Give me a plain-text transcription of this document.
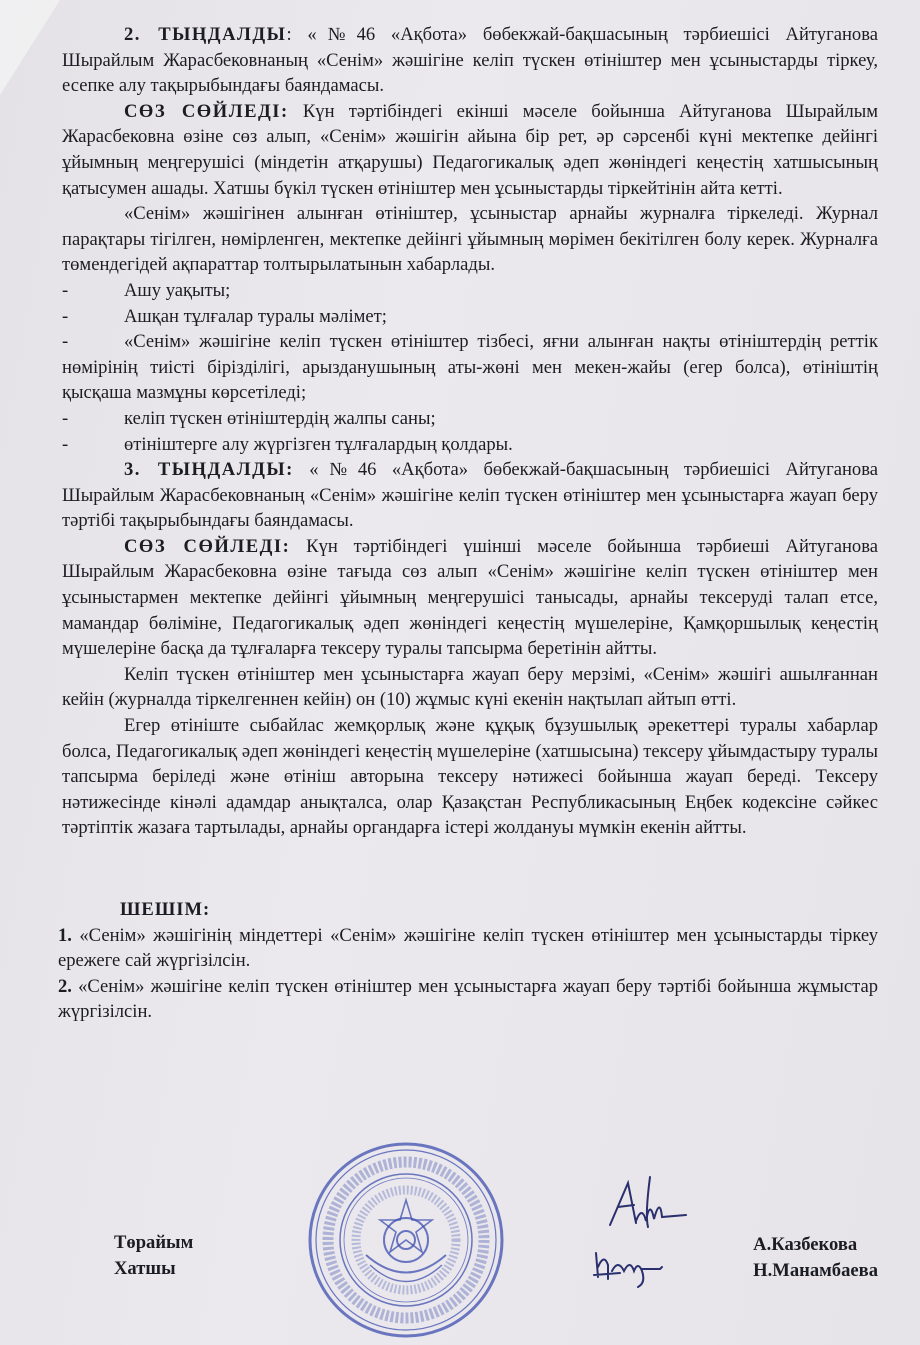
2. ТЫҢДАЛДЫ: «№46 «Ақбота» бөбекжай-бақшасының тәрбиешісі Айтуганова Шырайлым Жарасбековнаның «Сенім» жәшігіне келіп түскен өтініштер мен ұсыныстарды тіркеу, есепке алу тақырыбындағы баяндамасы.

СӨЗ СӨЙЛЕДІ: Күн тәртібіндегі екінші мәселе бойынша Айтуганова Шырайлым Жарасбековна өзіне сөз алып, «Сенім» жәшігін айына бір рет, әр сәрсенбі күні мектепке дейінгі ұйымның меңгерушісі (міндетін атқарушы) Педагогикалық әдеп жөніндегі кеңестің хатшысының қатысумен ашады. Хатшы бүкіл түскен өтініштер мен ұсыныстарды тіркейтінін айта кетті.

«Сенім» жәшігінен алынған өтініштер, ұсыныстар арнайы журналға тіркеледі. Журнал парақтары тігілген, нөмірленген, мектепке дейінгі ұйымның мөрімен бекітілген болу керек. Журналға төмендегідей ақпараттар толтырылатынын хабарлады.

-	Ашу уақыты;

-	Ашқан тұлғалар туралы мәлімет;

-	«Сенім» жәшігіне келіп түскен өтініштер тізбесі, яғни алынған нақты өтініштердің реттік нөмірінің тиісті бірізділігі, арызданушының аты-жөні мен мекен-жайы (егер болса), өтініштің қысқаша мазмұны көрсетіледі;

-	келіп түскен өтініштердің жалпы саны;

-	өтініштерге алу жүргізген тұлғалардың қолдары.

3. ТЫҢДАЛДЫ: «№46 «Ақбота» бөбекжай-бақшасының тәрбиешісі Айтуганова Шырайлым Жарасбековнаның «Сенім» жәшігіне келіп түскен өтініштер мен ұсыныстарға жауап беру тәртібі тақырыбындағы баяндамасы.

СӨЗ СӨЙЛЕДІ: Күн тәртібіндегі үшінші мәселе бойынша тәрбиеші Айтуганова Шырайлым Жарасбековна өзіне тағыда сөз алып «Сенім» жәшігіне келіп түскен өтініштер мен ұсыныстармен мектепке дейінгі ұйымның меңгерушісі танысады, арнайы тексеруді талап етсе, мамандар бөліміне, Педагогикалық әдеп жөніндегі кеңестің мүшелеріне, Қамқоршылық кеңестің мүшелеріне басқа да тұлғаларға тексеру туралы тапсырма беретінін айтты.

Келіп түскен өтініштер мен ұсыныстарға жауап беру мерзімі, «Сенім» жәшігі ашылғаннан кейін (журналда тіркелгеннен кейін) он (10) жұмыс күні екенін нақтылап айтып өтті.

Егер өтініште сыбайлас жемқорлық және құқық бұзушылық әрекеттері туралы хабарлар болса, Педагогикалық әдеп жөніндегі кеңестің мүшелеріне (хатшысына) тексеру ұйымдастыру туралы тапсырма беріледі және өтініш авторына тексеру нәтижесі бойынша жауап береді. Тексеру нәтижесінде кінәлі адамдар анықталса, олар Қазақстан Республикасының Еңбек кодексіне сәйкес тәртіптік жазаға тартылады, арнайы органдарға істері жолдануы мүмкін екенін айтты.

ШЕШІМ:

1. «Сенім» жәшігінің міндеттері «Сенім» жәшігіне келіп түскен өтініштер мен ұсыныстарды тіркеу ережеге сай жүргізілсін.

2. «Сенім» жәшігіне келіп түскен өтініштер мен ұсыныстарға жауап беру тәртібі бойынша жұмыстар жүргізілсін.

Төрайым
Хатшы
А.Казбекова
Н.Манамбаева
